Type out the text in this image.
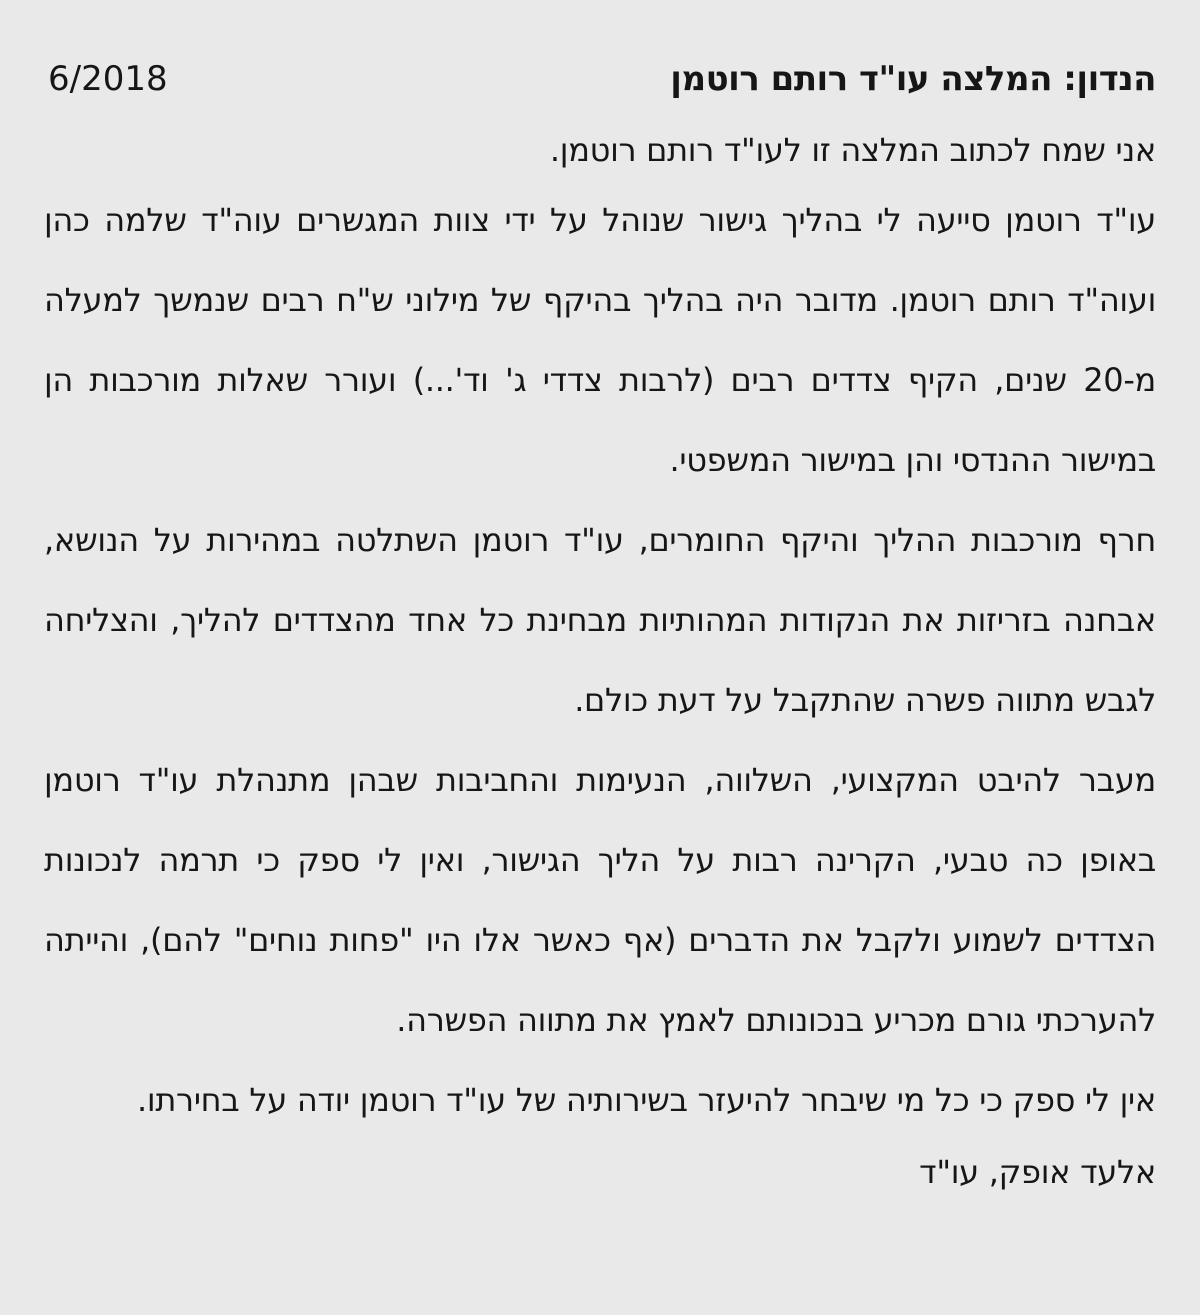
הנדון: המלצה עו"ד רותם רוטמן
6/2018

אני שמח לכתוב המלצה זו לעו"ד רותם רוטמן.

עו"ד רוטמן סייעה לי בהליך גישור שנוהל על ידי צוות המגשרים עוה"ד שלמה כהן ועוה"ד רותם רוטמן. מדובר היה בהליך בהיקף של מילוני ש"ח רבים שנמשך למעלה מ-20 שנים, הקיף צדדים רבים (לרבות צדדי ג' וד'...) ועורר שאלות מורכבות הן במישור ההנדסי והן במישור המשפטי.

חרף מורכבות ההליך והיקף החומרים, עו"ד רוטמן השתלטה במהירות על הנושא, אבחנה בזריזות את הנקודות המהותיות מבחינת כל אחד מהצדדים להליך, והצליחה לגבש מתווה פשרה שהתקבל על דעת כולם.

מעבר להיבט המקצועי, השלווה, הנעימות והחביבות שבהן מתנהלת עו"ד רוטמן באופן כה טבעי, הקרינה רבות על הליך הגישור, ואין לי ספק כי תרמה לנכונות הצדדים לשמוע ולקבל את הדברים (אף כאשר אלו היו "פחות נוחים" להם), והייתה להערכתי גורם מכריע בנכונותם לאמץ את מתווה הפשרה.

אין לי ספק כי כל מי שיבחר להיעזר בשירותיה של עו"ד רוטמן יודה על בחירתו.

אלעד אופק, עו"ד
